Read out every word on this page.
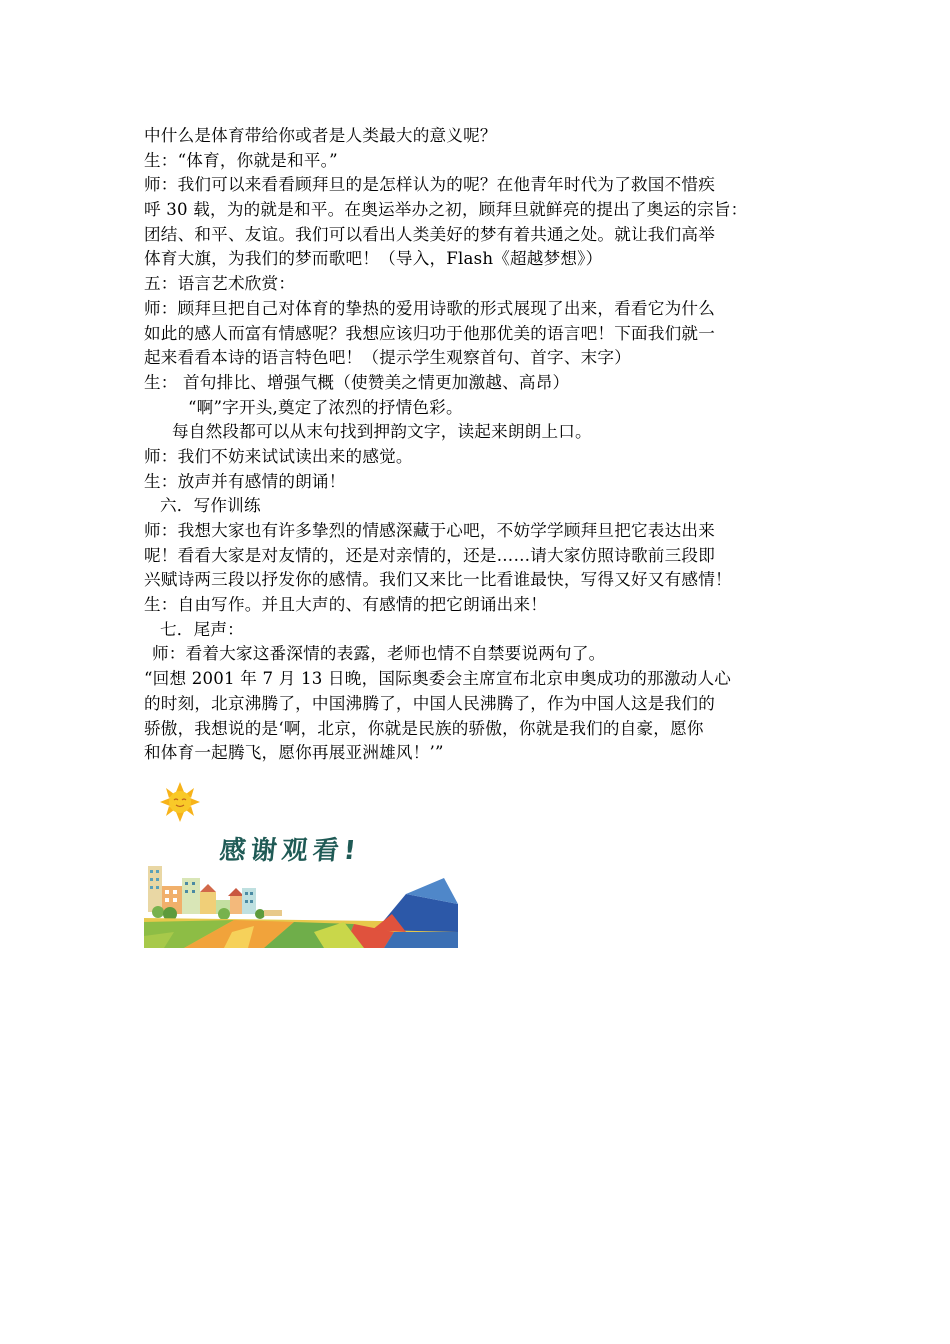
中什么是体育带给你或者是人类最大的意义呢？
生：“体育，你就是和平。”
师：我们可以来看看顾拜旦的是怎样认为的呢？在他青年时代为了救国不惜疾
呼 30 载，为的就是和平。在奥运举办之初，顾拜旦就鲜亮的提出了奥运的宗旨：
团结、和平、友谊。我们可以看出人类美好的梦有着共通之处。就让我们高举
体育大旗，为我们的梦而歌吧！（导入，Flash《超越梦想》）
五：语言艺术欣赏：
师：顾拜旦把自己对体育的挚热的爱用诗歌的形式展现了出来，看看它为什么
如此的感人而富有情感呢？我想应该归功于他那优美的语言吧！下面我们就一
起来看看本诗的语言特色吧！（提示学生观察首句、首字、末字）
生： 首句排比、增强气概（使赞美之情更加激越、高昂）
“啊”字开头,奠定了浓烈的抒情色彩。
每自然段都可以从末句找到押韵文字，读起来朗朗上口。
师：我们不妨来试试读出来的感觉。
生：放声并有感情的朗诵！
六．写作训练
师：我想大家也有许多挚烈的情感深藏于心吧，不妨学学顾拜旦把它表达出来
呢！看看大家是对友情的，还是对亲情的，还是……请大家仿照诗歌前三段即
兴赋诗两三段以抒发你的感情。我们又来比一比看谁最快，写得又好又有感情！
生：自由写作。并且大声的、有感情的把它朗诵出来！
七．尾声：
师：看着大家这番深情的表露，老师也情不自禁要说两句了。
“回想 2001 年 7 月 13 日晚，国际奥委会主席宣布北京申奥成功的那激动人心
的时刻，北京沸腾了，中国沸腾了，中国人民沸腾了，作为中国人这是我们的
骄傲，我想说的是‘啊，北京，你就是民族的骄傲，你就是我们的自豪，愿你
和体育一起腾飞，愿你再展亚洲雄风！’”
感谢观看!
